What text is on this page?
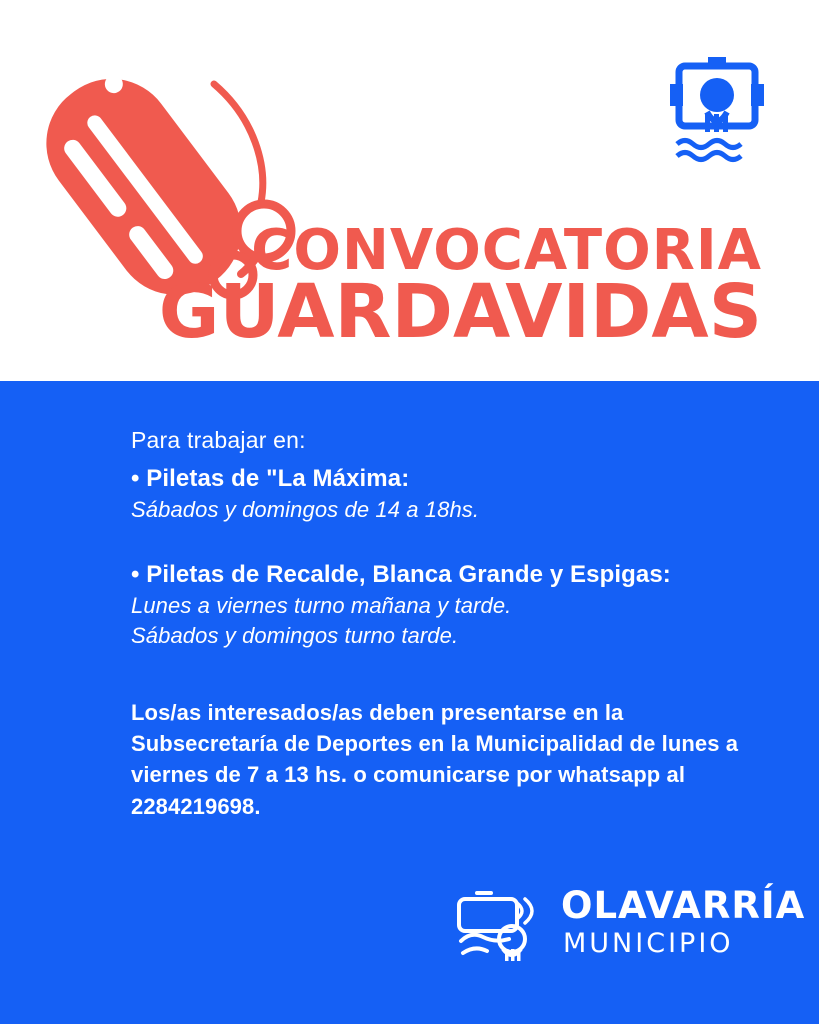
CONVOCATORIA
GUARDAVIDAS

Para trabajar en:

• Piletas de "La Máxima:

Sábados y domingos de 14 a 18hs.

• Piletas de Recalde, Blanca Grande y Espigas:

Lunes a viernes turno mañana y tarde.

Sábados y domingos turno tarde.

Los/as interesados/as deben presentarse en la Subsecretaría de Deportes en la Municipalidad de lunes a viernes de 7 a 13 hs. o comunicarse por whatsapp al 2284219698.

OLAVARRÍA
MUNICIPIO
